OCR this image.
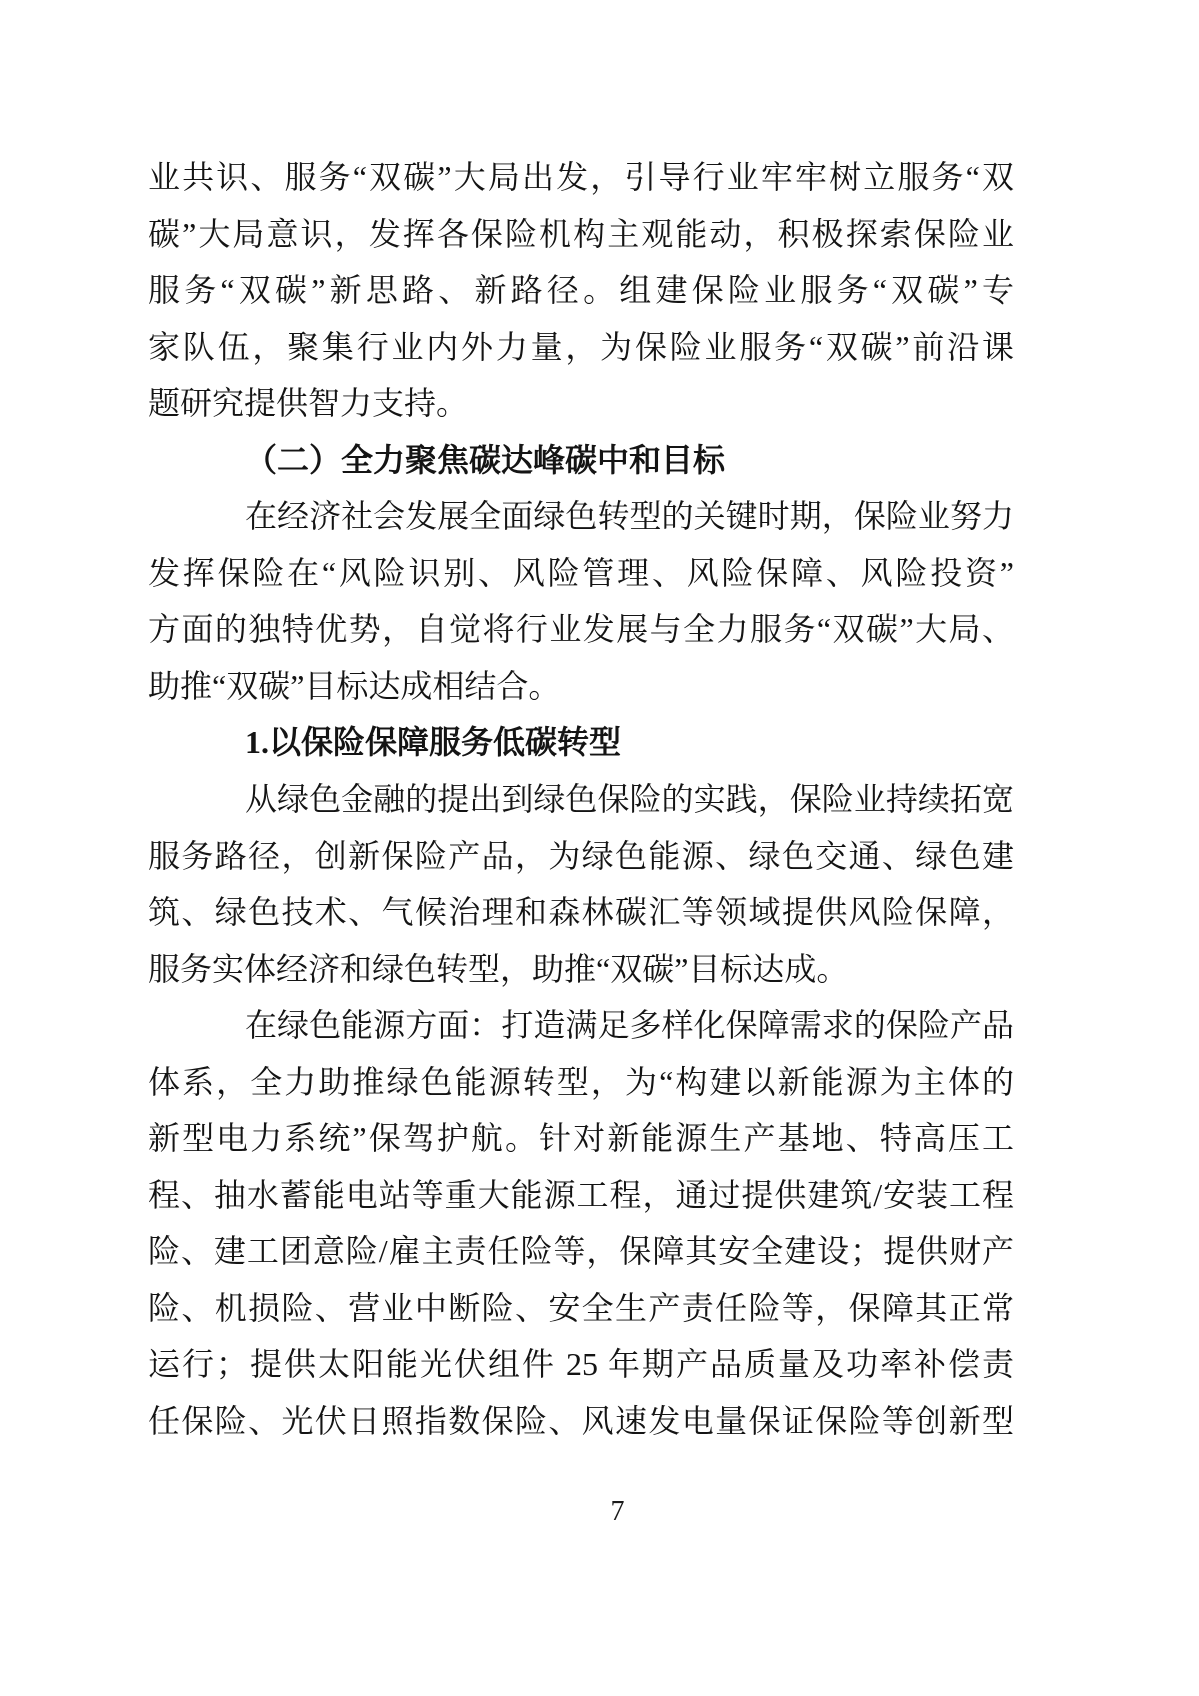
业共识、服务“双碳”大局出发，引导行业牢牢树立服务“双
碳”大局意识，发挥各保险机构主观能动，积极探索保险业
服务“双碳”新思路、新路径。组建保险业服务“双碳”专
家队伍，聚集行业内外力量，为保险业服务“双碳”前沿课
题研究提供智力支持。
（二）全力聚焦碳达峰碳中和目标
在经济社会发展全面绿色转型的关键时期，保险业努力
发挥保险在“风险识别、风险管理、风险保障、风险投资”
方面的独特优势，自觉将行业发展与全力服务“双碳”大局、
助推“双碳”目标达成相结合。
1.以保险保障服务低碳转型
从绿色金融的提出到绿色保险的实践，保险业持续拓宽
服务路径，创新保险产品，为绿色能源、绿色交通、绿色建
筑、绿色技术、气候治理和森林碳汇等领域提供风险保障，
服务实体经济和绿色转型，助推“双碳”目标达成。
在绿色能源方面：打造满足多样化保障需求的保险产品
体系，全力助推绿色能源转型，为“构建以新能源为主体的
新型电力系统”保驾护航。针对新能源生产基地、特高压工
程、抽水蓄能电站等重大能源工程，通过提供建筑/安装工程
险、建工团意险/雇主责任险等，保障其安全建设；提供财产
险、机损险、营业中断险、安全生产责任险等，保障其正常
运行；提供太阳能光伏组件 25 年期产品质量及功率补偿责
任保险、光伏日照指数保险、风速发电量保证保险等创新型
7
